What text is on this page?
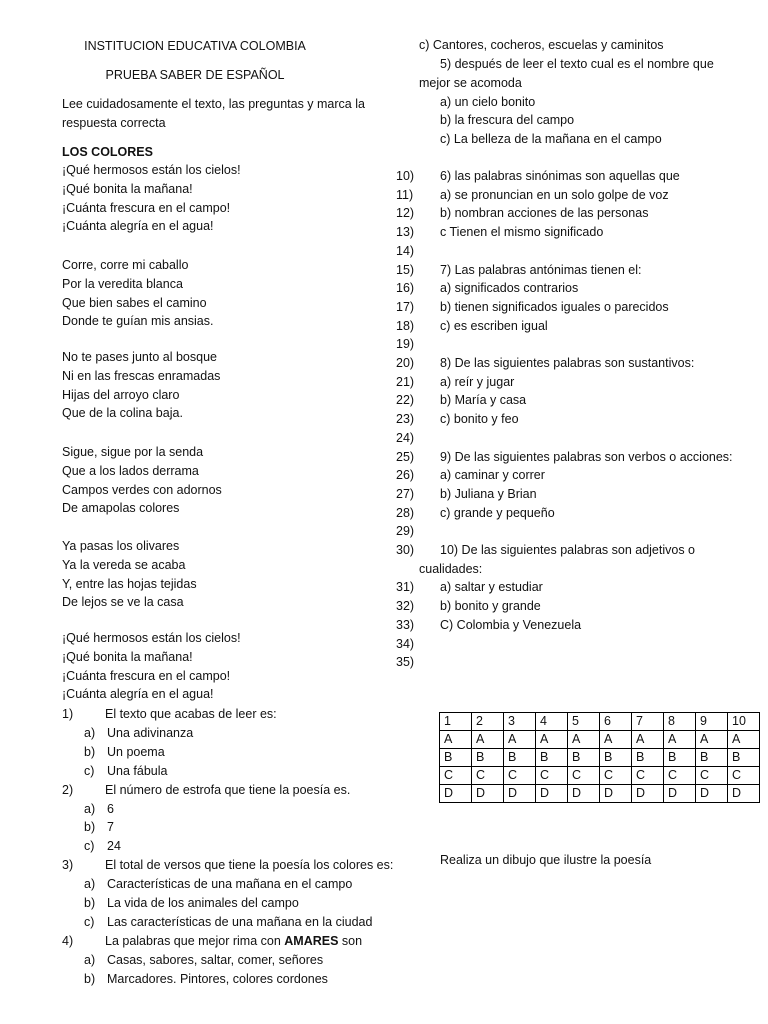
INSTITUCION EDUCATIVA COLOMBIA
PRUEBA SABER DE ESPAÑOL
Lee cuidadosamente el texto, las preguntas y marca la
respuesta correcta
LOS COLORES
¡Qué hermosos están los cielos!
¡Qué bonita la mañana!
¡Cuánta frescura en el campo!
¡Cuánta alegría en el agua!
Corre, corre mi caballo
Por la veredita blanca
Que bien sabes el camino
Donde te guían mis ansias.
No te pases junto al bosque
Ni en las frescas enramadas
Hijas del arroyo claro
Que de la colina baja.
Sigue, sigue por la senda
Que a los lados derrama
Campos verdes con adornos
De amapolas colores
Ya pasas los olivares
Ya la vereda se acaba
Y, entre las hojas tejidas
De lejos se ve la casa
¡Qué hermosos están los cielos!
¡Qué bonita la mañana!
¡Cuánta frescura en el campo!
¡Cuánta alegría en el agua!
1)	El texto que acabas de leer es:
a) Una adivinanza
b) Un poema
c) Una fábula
2)	El número de estrofa que tiene la poesía es.
a) 6
b) 7
c) 24
3)	El total de versos que tiene la poesía los colores es:
a) Características de una mañana en el campo
b) La vida de los animales del campo
c) Las características de una mañana en la ciudad
4)	La palabras que mejor rima con AMARES son
a) Casas, sabores, saltar, comer, señores
b) Marcadores. Pintores, colores cordones
c) Cantores, cocheros, escuelas y caminitos
5) después de leer el texto cual es el nombre que
mejor se acomoda
a) un cielo bonito
b) la frescura del campo
c) La belleza de la mañana en el campo
10) 6) las palabras sinónimas son aquellas que
11) a) se pronuncian en un solo golpe de voz
12) b) nombran acciones de las personas
13) c Tienen el mismo significado
14)
15) 7) Las palabras antónimas tienen el:
16) a) significados contrarios
17) b) tienen significados iguales o parecidos
18) c) es escriben igual
19)
20) 8) De las siguientes palabras son sustantivos:
21) a) reír y jugar
22) b) María y casa
23) c) bonito y feo
24)
25) 9) De las siguientes palabras son verbos o acciones:
26) a) caminar y correr
27) b) Juliana y Brian
28) c) grande y pequeño
29)
30) 10) De las siguientes palabras son adjetivos o
cualidades:
31) a) saltar y estudiar
32) b) bonito y grande
33) C) Colombia y Venezuela
34)
35)
1	2	3	4	5	6	7	8	9	10
A	A	A	A	A	A	A	A	A	A
B	B	B	B	B	B	B	B	B	B
C	C	C	C	C	C	C	C	C	C
D	D	D	D	D	D	D	D	D	D
Realiza un dibujo que ilustre la poesía
